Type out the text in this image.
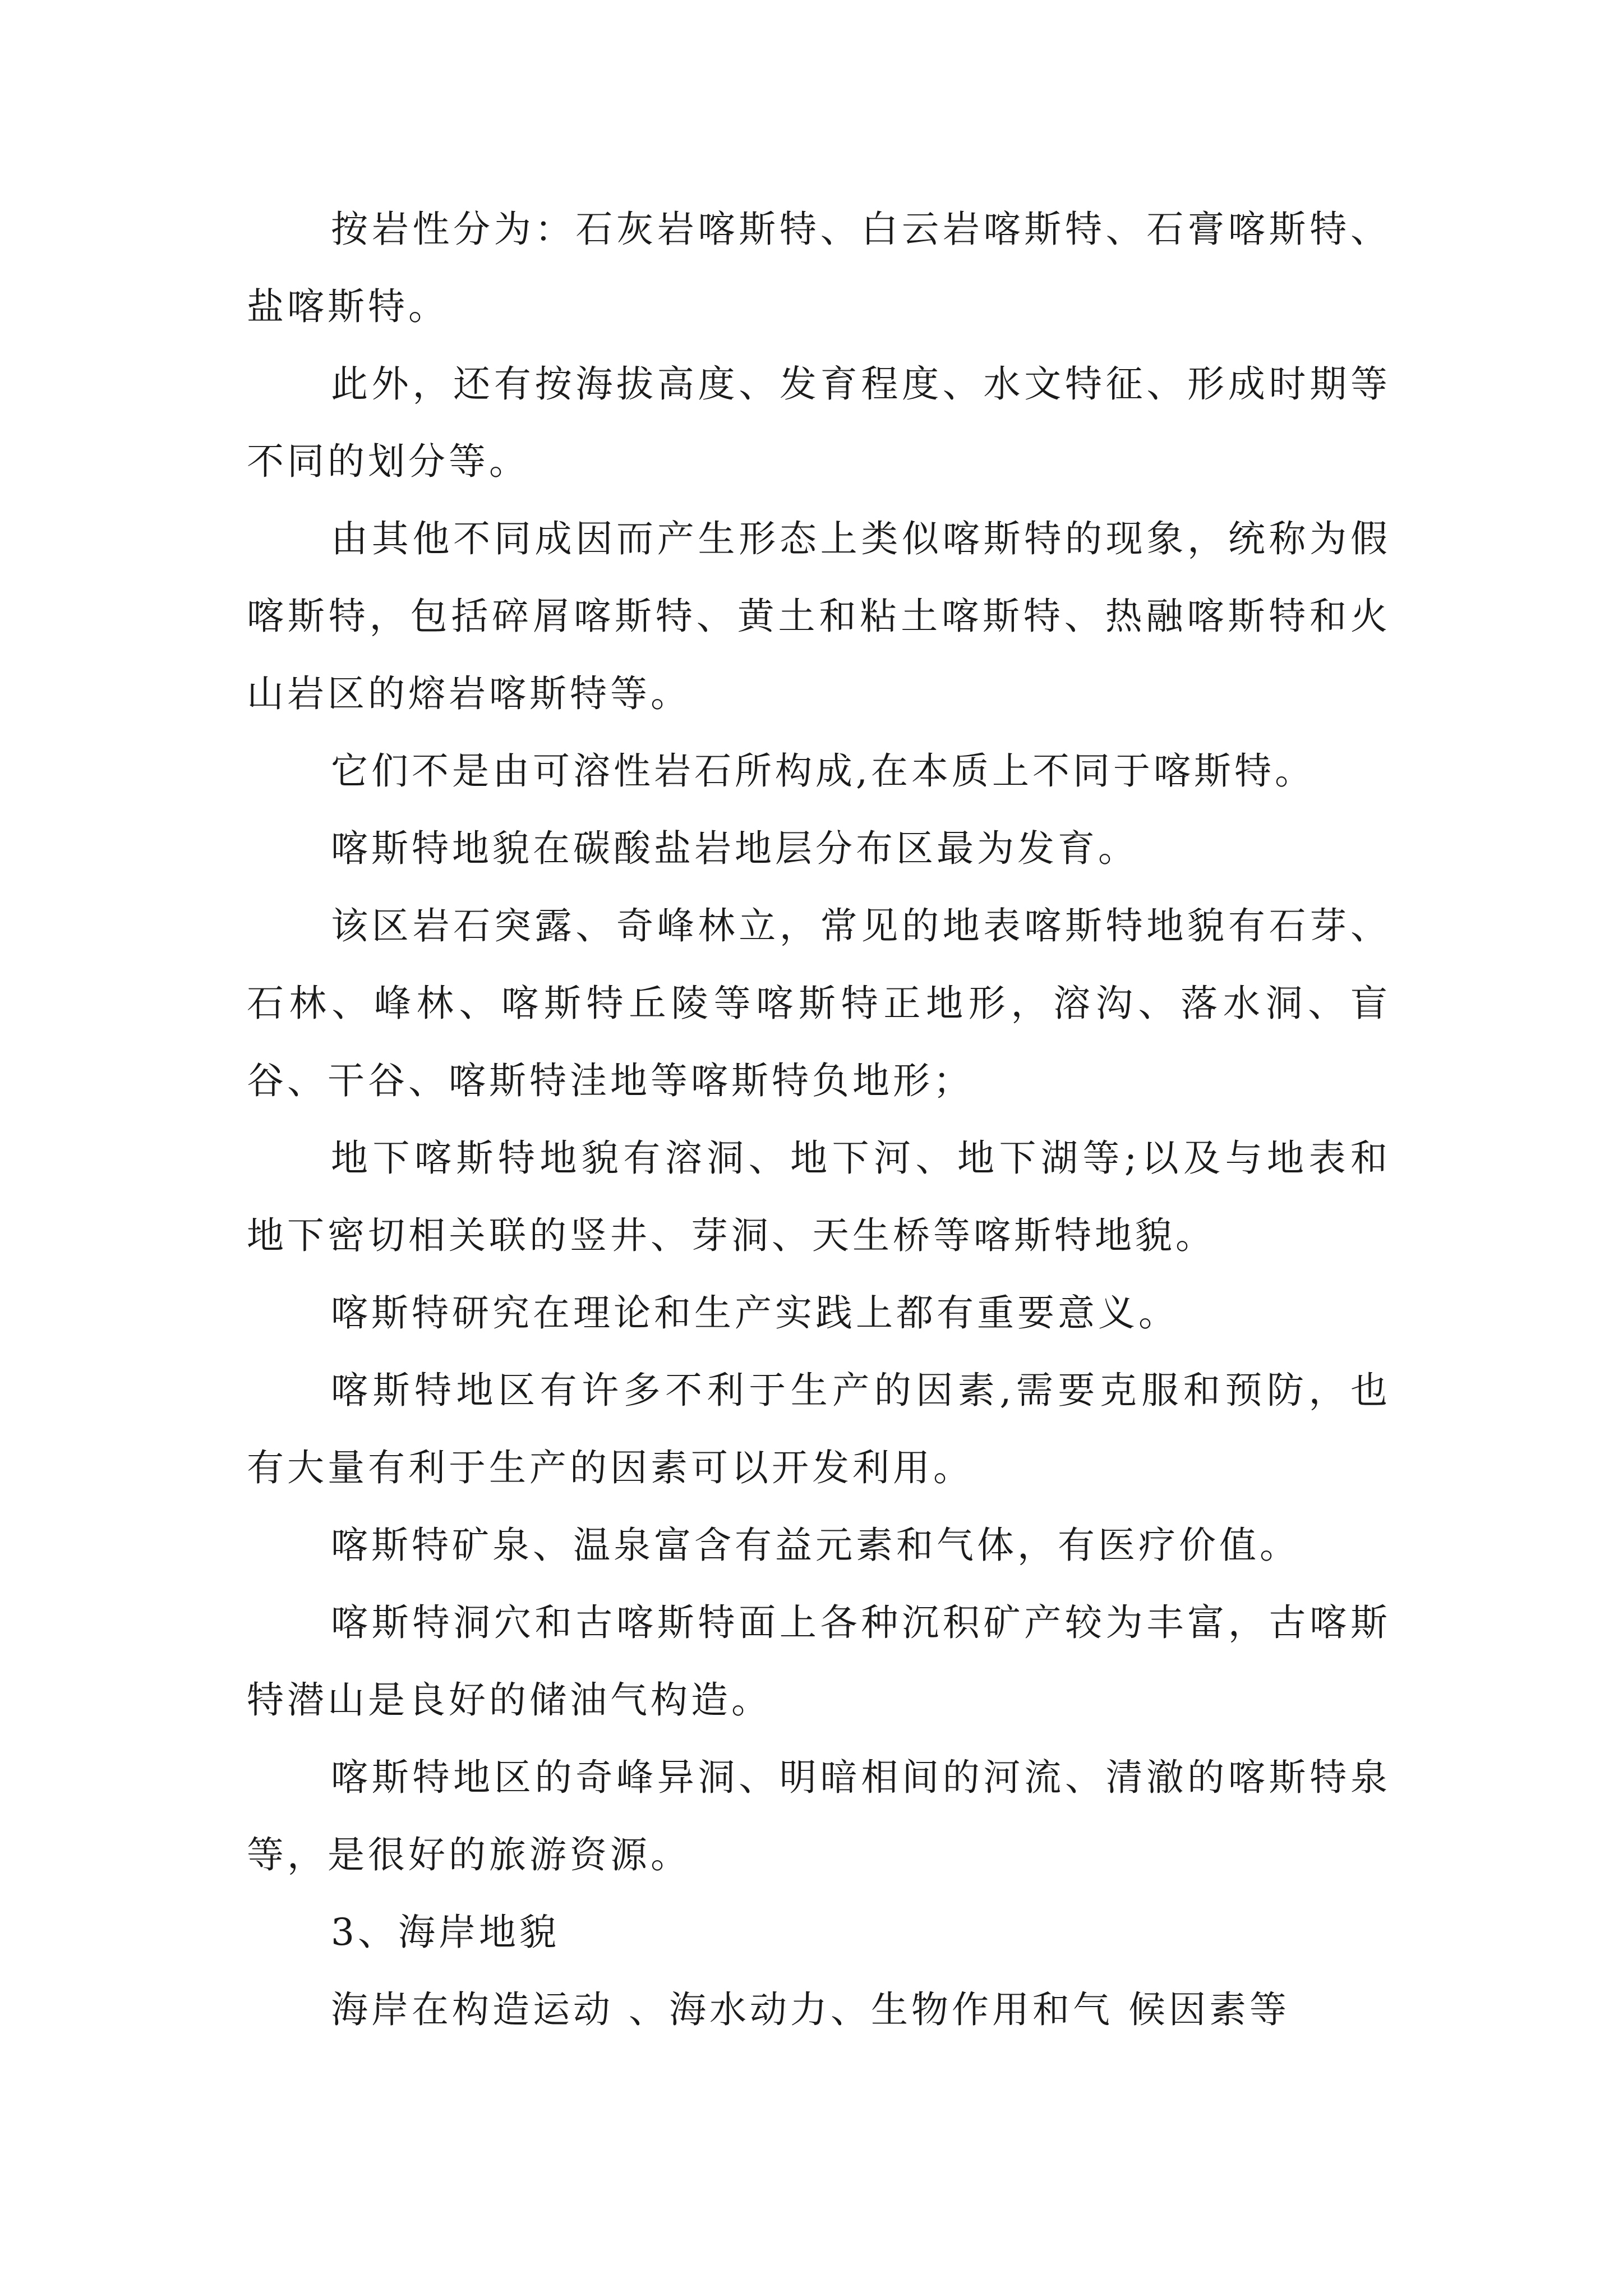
按岩性分为：石灰岩喀斯特、白云岩喀斯特、石膏喀斯特、盐喀斯特。

此外，还有按海拔高度、发育程度、水文特征、形成时期等不同的划分等。

由其他不同成因而产生形态上类似喀斯特的现象，统称为假喀斯特，包括碎屑喀斯特、黄土和粘土喀斯特、热融喀斯特和火山岩区的熔岩喀斯特等。

它们不是由可溶性岩石所构成,在本质上不同于喀斯特。

喀斯特地貌在碳酸盐岩地层分布区最为发育。

该区岩石突露、奇峰林立，常见的地表喀斯特地貌有石芽、石林、峰林、喀斯特丘陵等喀斯特正地形，溶沟、落水洞、盲谷、干谷、喀斯特洼地等喀斯特负地形；

地下喀斯特地貌有溶洞、地下河、地下湖等;以及与地表和地下密切相关联的竖井、芽洞、天生桥等喀斯特地貌。

喀斯特研究在理论和生产实践上都有重要意义。

喀斯特地区有许多不利于生产的因素,需要克服和预防，也有大量有利于生产的因素可以开发利用。

喀斯特矿泉、温泉富含有益元素和气体，有医疗价值。

喀斯特洞穴和古喀斯特面上各种沉积矿产较为丰富，古喀斯特潜山是良好的储油气构造。

喀斯特地区的奇峰异洞、明暗相间的河流、清澈的喀斯特泉等，是很好的旅游资源。

3、海岸地貌

海岸在构造运动 、海水动力、生物作用和气 候因素等
